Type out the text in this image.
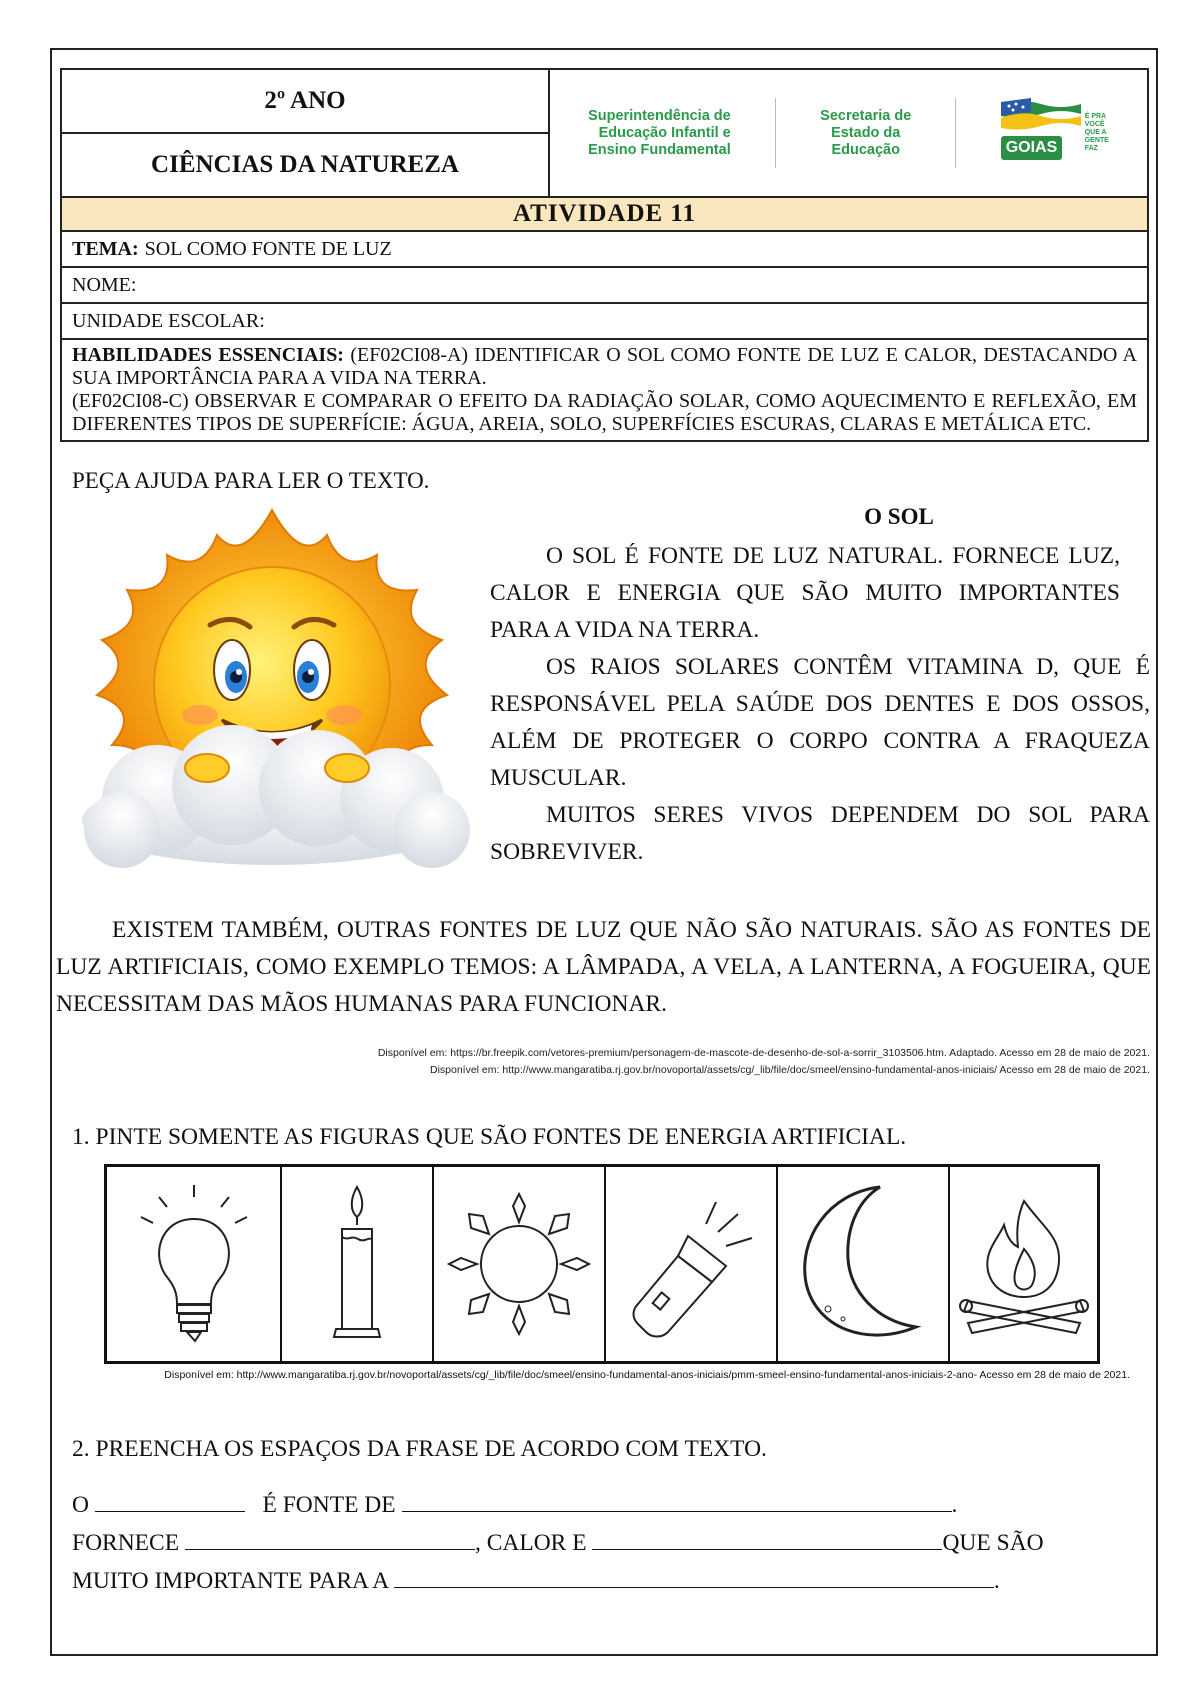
2º ANO
CIÊNCIAS DA NATUREZA
Superintendência de
Educação Infantil e
Ensino Fundamental
Secretaria de
Estado da
Educação	GOIAS
É PRA
VOCÊ
QUE A
GENTE
FAZ
ATIVIDADE 11
TEMA: SOL COMO FONTE DE LUZ
NOME:
UNIDADE ESCOLAR:
HABILIDADES ESSENCIAIS: (EF02CI08-A) IDENTIFICAR O SOL COMO FONTE DE LUZ E CALOR, DESTACANDO A SUA IMPORTÂNCIA PARA A VIDA NA TERRA.
(EF02CI08-C) OBSERVAR E COMPARAR O EFEITO DA RADIAÇÃO SOLAR, COMO AQUECIMENTO E REFLEXÃO, EM DIFERENTES TIPOS DE SUPERFÍCIE: ÁGUA, AREIA, SOLO, SUPERFÍCIES ESCURAS, CLARAS E METÁLICA ETC.
PEÇA AJUDA PARA LER O TEXTO.
O SOL

O SOL É FONTE DE LUZ NATURAL. FORNECE LUZ, CALOR E ENERGIA QUE SÃO MUITO IMPORTANTES PARA A VIDA NA TERRA.

OS RAIOS SOLARES CONTÊM VITAMINA D, QUE É RESPONSÁVEL PELA SAÚDE DOS DENTES E DOS OSSOS, ALÉM DE PROTEGER O CORPO CONTRA A FRAQUEZA MUSCULAR.

MUITOS SERES VIVOS DEPENDEM DO SOL PARA SOBREVIVER.

EXISTEM TAMBÉM, OUTRAS FONTES DE LUZ QUE NÃO SÃO NATURAIS. SÃO AS FONTES DE LUZ ARTIFICIAIS, COMO EXEMPLO TEMOS: A LÂMPADA, A VELA, A LANTERNA, A FOGUEIRA, QUE NECESSITAM DAS MÃOS HUMANAS PARA FUNCIONAR.

Disponível em: https://br.freepik.com/vetores-premium/personagem-de-mascote-de-desenho-de-sol-a-sorrir_3103506.htm. Adaptado. Acesso em 28 de maio de 2021.
Disponível em: http://www.mangaratiba.rj.gov.br/novoportal/assets/cg/_lib/file/doc/smeel/ensino-fundamental-anos-iniciais/ Acesso em 28 de maio de 2021.
1. PINTE SOMENTE AS FIGURAS QUE SÃO FONTES DE ENERGIA ARTIFICIAL.
Disponível em: http://www.mangaratiba.rj.gov.br/novoportal/assets/cg/_lib/file/doc/smeel/ensino-fundamental-anos-iniciais/pmm-smeel-ensino-fundamental-anos-iniciais-2-ano- Acesso em 28 de maio de 2021.
2. PREENCHA OS ESPAÇOS DA FRASE DE ACORDO COM TEXTO.
O	É FONTE DE	.
FORNECE	, CALOR E	QUE SÃO
MUITO IMPORTANTE PARA A	.
